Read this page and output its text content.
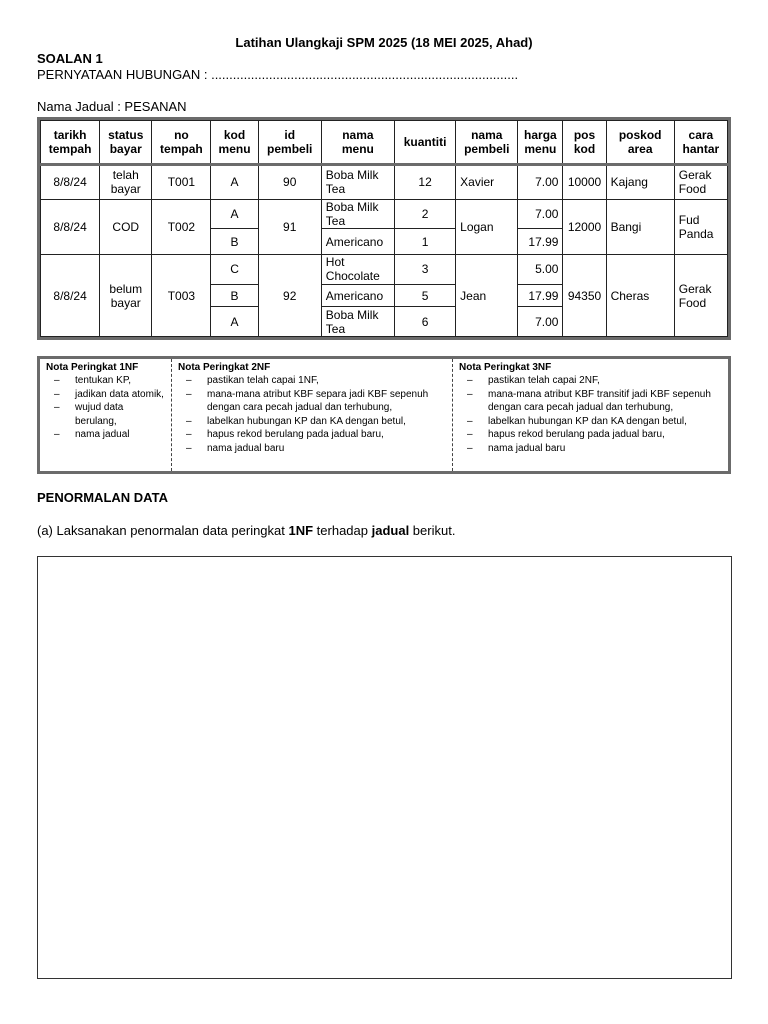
Latihan Ulangkaji SPM 2025 (18 MEI 2025, Ahad)
SOALAN 1
PERNYATAAN HUBUNGAN : .....................................................................................
Nama Jadual : PESANAN
tarikh tempah	status bayar	no tempah	kod menu	id pembeli	nama menu	kuantiti	nama pembeli	harga menu	pos kod	poskod area	cara hantar
8/8/24	telah bayar	T001	A	90	Boba Milk Tea	12	Xavier	7.00	10000	Kajang	Gerak Food
8/8/24	COD	T002	A	91	Boba Milk Tea	2	Logan	7.00	12000	Bangi	Fud Panda
			B		Americano	1		17.99			
8/8/24	belum bayar	T003	C	92	Hot Chocolate	3	Jean	5.00	94350	Cheras	Gerak Food
			B		Americano	5		17.99			
			A		Boba Milk Tea	6		7.00			
Nota Peringkat 1NF
– tentukan KP,
– jadikan data atomik,
– wujud data berulang,
– nama jadual
Nota Peringkat 2NF
– pastikan telah capai 1NF,
– mana-mana atribut KBF separa jadi KBF sepenuh dengan cara pecah jadual dan terhubung,
– labelkan hubungan KP dan KA dengan betul,
– hapus rekod berulang pada jadual baru,
– nama jadual baru
Nota Peringkat 3NF
– pastikan telah capai 2NF,
– mana-mana atribut KBF transitif jadi KBF sepenuh dengan cara pecah jadual dan terhubung,
– labelkan hubungan KP dan KA dengan betul,
– hapus rekod berulang pada jadual baru,
– nama jadual baru
PENORMALAN DATA
(a) Laksanakan penormalan data peringkat 1NF terhadap jadual berikut.
